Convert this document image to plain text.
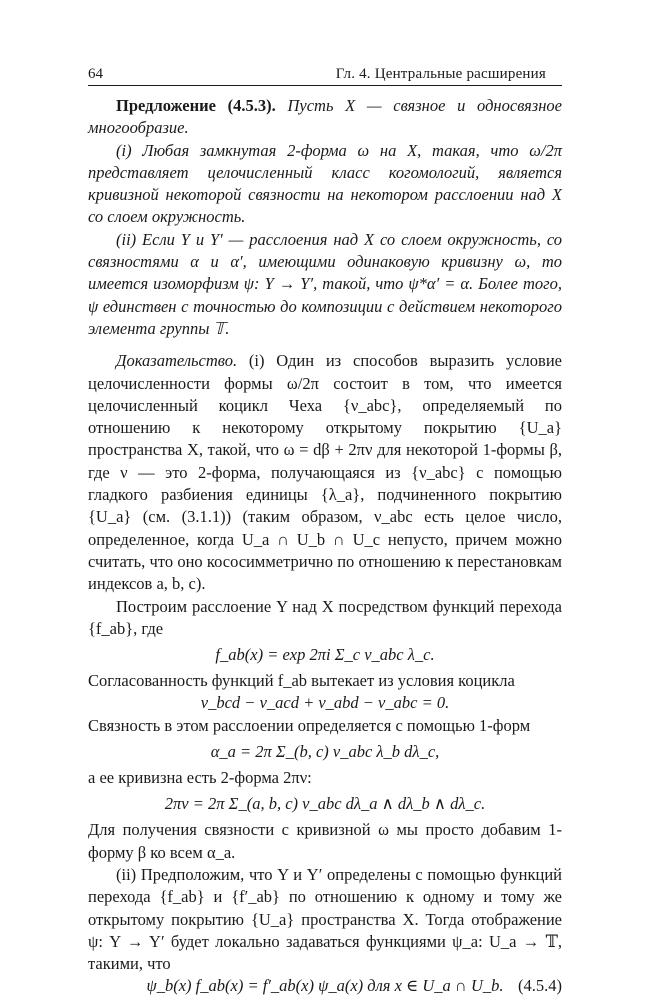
64	Гл. 4. Центральные расширения

Предложение (4.5.3). Пусть X — связное и односвязное многообразие.

(i) Любая замкнутая 2-форма ω на X, такая, что ω/2π представляет целочисленный класс когомологий, является кривизной некоторой связности на некотором расслоении над X со слоем окружность.

(ii) Если Y и Y′ — расслоения над X со слоем окружность, со связностями α и α′, имеющими одинаковую кривизну ω, то имеется изоморфизм ψ: Y → Y′, такой, что ψ*α′ = α. Более того, ψ единствен с точностью до композиции с действием некоторого элемента группы 𝕋.

Доказательство. (i) Один из способов выразить условие целочисленности формы ω/2π состоит в том, что имеется целочисленный коцикл Чеха {ν_abc}, определяемый по отношению к некоторому открытому покрытию {U_a} пространства X, такой, что ω = dβ + 2πν для некоторой 1-формы β, где ν — это 2-форма, получающаяся из {ν_abc} с помощью гладкого разбиения единицы {λ_a}, подчиненного покрытию {U_a} (см. (3.1.1)) (таким образом, ν_abc есть целое число, определенное, когда U_a ∩ U_b ∩ U_c непусто, причем можно считать, что оно кососимметрично по отношению к перестановкам индексов a, b, c).

Построим расслоение Y над X посредством функций перехода {f_ab}, где

f_ab(x) = exp 2πi Σ_c ν_abc λ_c.

Согласованность функций f_ab вытекает из условия коцикла

ν_bcd − ν_acd + ν_abd − ν_abc = 0.

Связность в этом расслоении определяется с помощью 1-форм

α_a = 2π Σ_(b, c) ν_abc λ_b dλ_c,

а ее кривизна есть 2-форма 2πν:

2πν = 2π Σ_(a, b, c) ν_abc dλ_a ∧ dλ_b ∧ dλ_c.

Для получения связности с кривизной ω мы просто добавим 1-форму β ко всем α_a.

(ii) Предположим, что Y и Y′ определены с помощью функций перехода {f_ab} и {f′_ab} по отношению к одному и тому же открытому покрытию {U_a} пространства X. Тогда отображение ψ: Y → Y′ будет локально задаваться функциями ψ_a: U_a → 𝕋, такими, что

ψ_b(x) f_ab(x) = f′_ab(x) ψ_a(x) для x ∈ U_a ∩ U_b. (4.5.4)
